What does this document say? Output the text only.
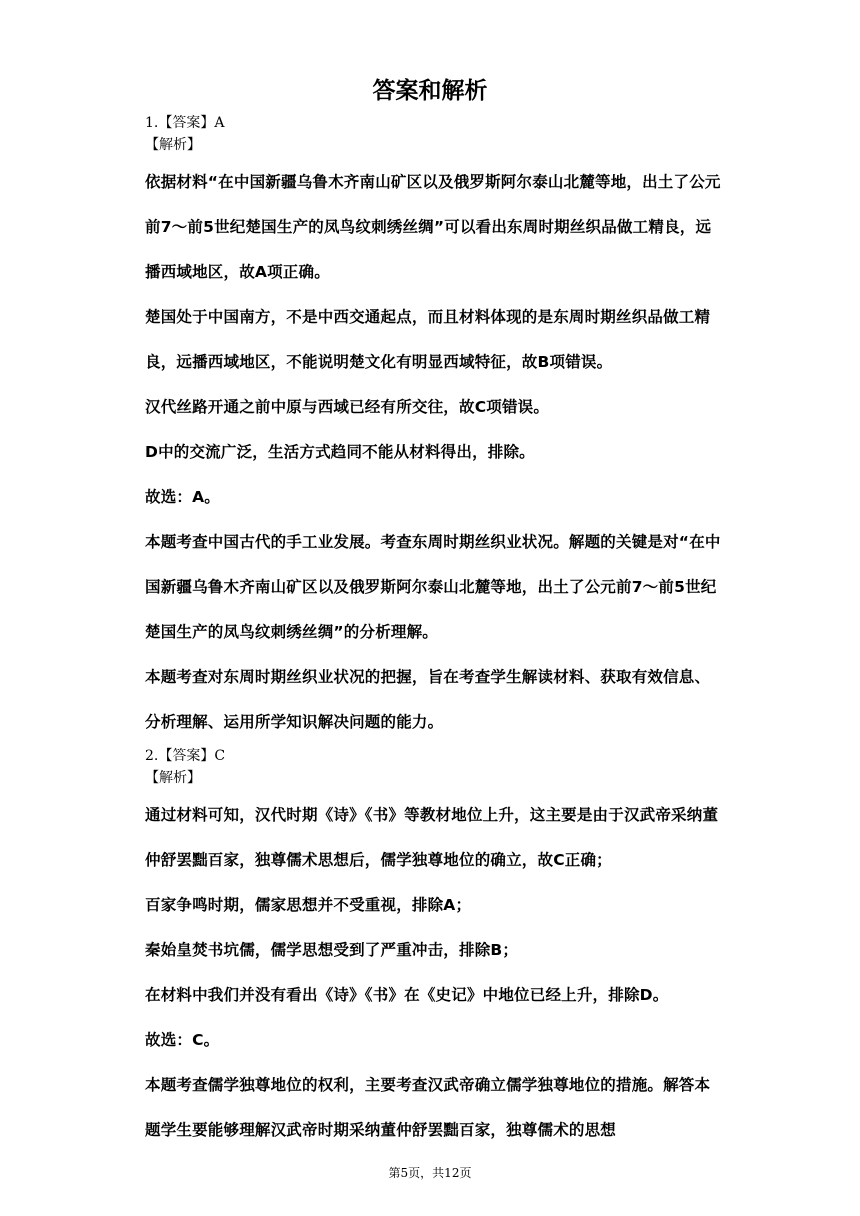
答案和解析
1.【答案】A
【解析】

依据材料“在中国新疆乌鲁木齐南山矿区以及俄罗斯阿尔泰山北麓等地，出土了公元前7～前5世纪楚国生产的凤鸟纹刺绣丝绸”可以看出东周时期丝织品做工精良，远播西域地区，故A项正确。

楚国处于中国南方，不是中西交通起点，而且材料体现的是东周时期丝织品做工精良，远播西域地区，不能说明楚文化有明显西域特征，故B项错误。

汉代丝路开通之前中原与西域已经有所交往，故C项错误。

D中的交流广泛，生活方式趋同不能从材料得出，排除。

故选：A。

本题考查中国古代的手工业发展。考查东周时期丝织业状况。解题的关键是对“在中国新疆乌鲁木齐南山矿区以及俄罗斯阿尔泰山北麓等地，出土了公元前7～前5世纪楚国生产的凤鸟纹刺绣丝绸”的分析理解。

本题考查对东周时期丝织业状况的把握，旨在考查学生解读材料、获取有效信息、分析理解、运用所学知识解决问题的能力。

2.【答案】C
【解析】

通过材料可知，汉代时期《诗》《书》等教材地位上升，这主要是由于汉武帝采纳董仲舒罢黜百家，独尊儒术思想后，儒学独尊地位的确立，故C正确；

百家争鸣时期，儒家思想并不受重视，排除A；

秦始皇焚书坑儒，儒学思想受到了严重冲击，排除B；

在材料中我们并没有看出《诗》《书》在《史记》中地位已经上升，排除D。

故选：C。

本题考查儒学独尊地位的权利，主要考查汉武帝确立儒学独尊地位的措施。解答本题学生要能够理解汉武帝时期采纳董仲舒罢黜百家，独尊儒术的思想

第5页，共12页
